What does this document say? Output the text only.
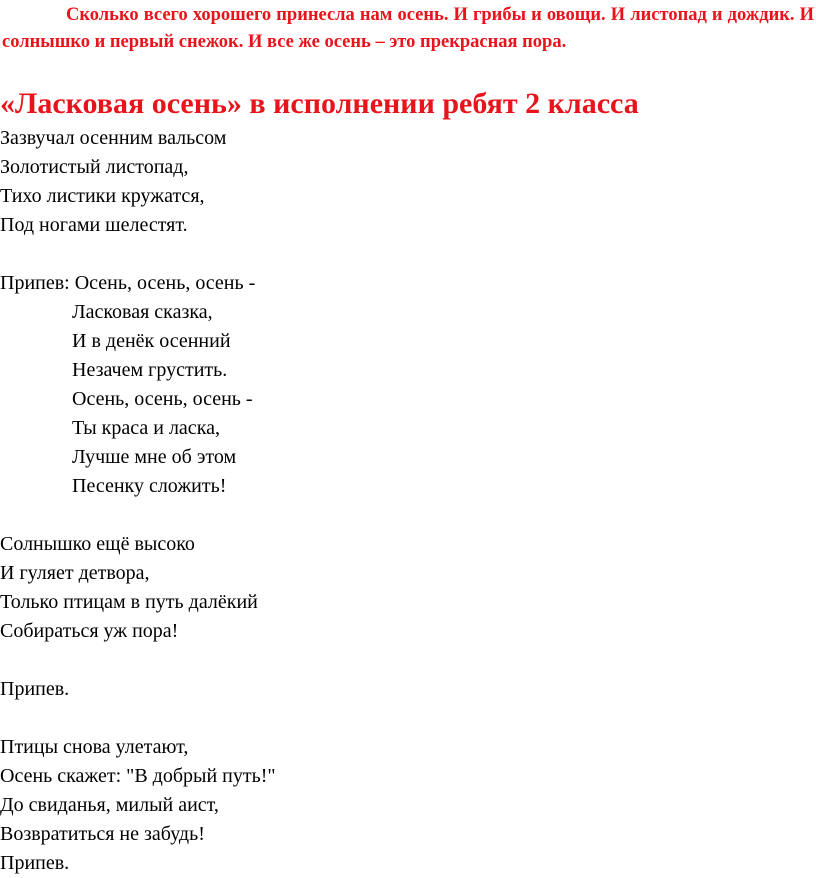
Сколько всего хорошего принесла нам осень. И грибы и овощи. И листопад и дождик. И солнышко и первый снежок. И все же осень – это прекрасная пора.

«Ласковая осень» в исполнении ребят 2 класса
Зазвучал осенним вальсом
Золотистый листопад,
Тихо листики кружатся,
Под ногами шелестят.
Припев: Осень, осень, осень -
Ласковая сказка,
И в денёк осенний
Незачем грустить.
Осень, осень, осень -
Ты краса и ласка,
Лучше мне об этом
Песенку сложить!
Солнышко ещё высоко
И гуляет детвора,
Только птицам в путь далёкий
Собираться уж пора!
Припев.
Птицы снова улетают,
Осень скажет: "В добрый путь!"
До свиданья, милый аист,
Возвратиться не забудь!
Припев.
